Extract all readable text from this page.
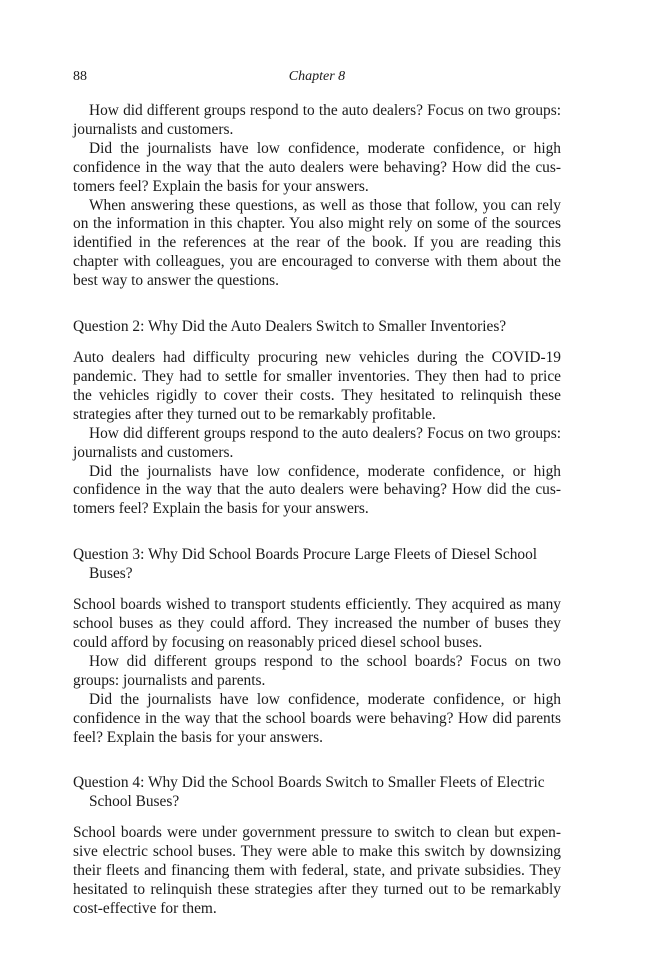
88	Chapter 8

How did different groups respond to the auto dealers? Focus on two groups: journalists and customers.

Did the journalists have low confidence, moderate confidence, or high confidence in the way that the auto dealers were behaving? How did the customers feel? Explain the basis for your answers.

When answering these questions, as well as those that follow, you can rely on the information in this chapter. You also might rely on some of the sources identified in the references at the rear of the book. If you are reading this chapter with colleagues, you are encouraged to converse with them about the best way to answer the questions.

Question 2: Why Did the Auto Dealers Switch to Smaller Inventories?

Auto dealers had difficulty procuring new vehicles during the COVID-19 pandemic. They had to settle for smaller inventories. They then had to price the vehicles rigidly to cover their costs. They hesitated to relinquish these strategies after they turned out to be remarkably profitable.

How did different groups respond to the auto dealers? Focus on two groups: journalists and customers.

Did the journalists have low confidence, moderate confidence, or high confidence in the way that the auto dealers were behaving? How did the customers feel? Explain the basis for your answers.

Question 3: Why Did School Boards Procure Large Fleets of Diesel School Buses?

School boards wished to transport students efficiently. They acquired as many school buses as they could afford. They increased the number of buses they could afford by focusing on reasonably priced diesel school buses.

How did different groups respond to the school boards? Focus on two groups: journalists and parents.

Did the journalists have low confidence, moderate confidence, or high confidence in the way that the school boards were behaving? How did parents feel? Explain the basis for your answers.

Question 4: Why Did the School Boards Switch to Smaller Fleets of Electric School Buses?

School boards were under government pressure to switch to clean but expensive electric school buses. They were able to make this switch by downsizing their fleets and financing them with federal, state, and private subsidies. They hesitated to relinquish these strategies after they turned out to be remarkably cost-effective for them.
